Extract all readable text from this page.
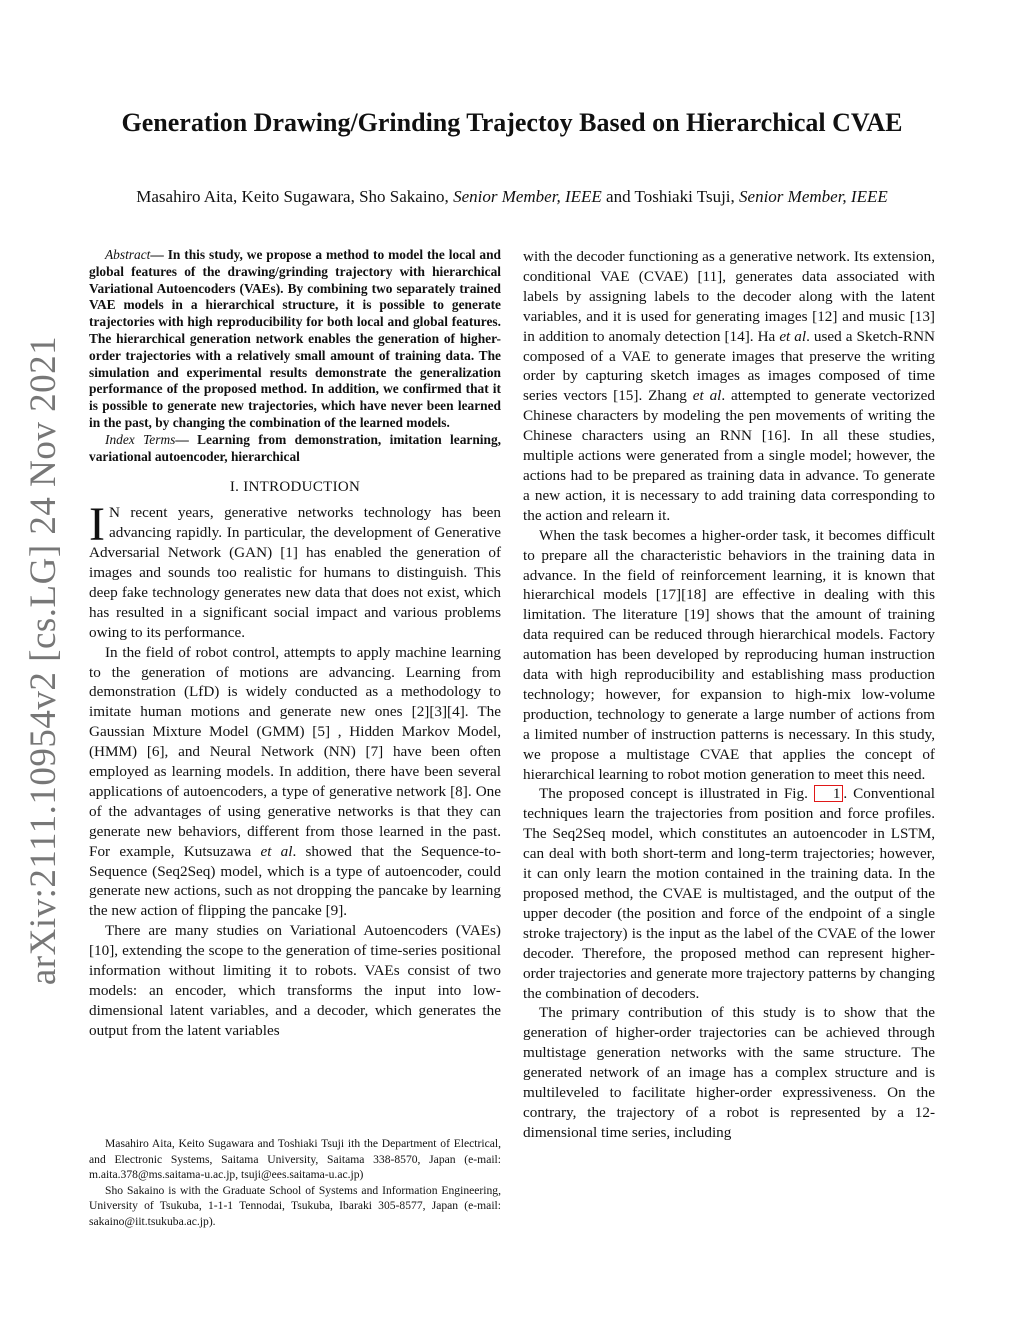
arXiv:2111.10954v2 [cs.LG] 24 Nov 2021
Generation Drawing/Grinding Trajectoy Based on Hierarchical CVAE

Masahiro Aita, Keito Sugawara, Sho Sakaino, Senior Member, IEEE and Toshiaki Tsuji, Senior Member, IEEE

Abstract— In this study, we propose a method to model the local and global features of the drawing/grinding trajectory with hierarchical Variational Autoencoders (VAEs). By combining two separately trained VAE models in a hierarchical structure, it is possible to generate trajectories with high reproducibility for both local and global features. The hierarchical generation network enables the generation of higher-order trajectories with a relatively small amount of training data. The simulation and experimental results demonstrate the generalization performance of the proposed method. In addition, we confirmed that it is possible to generate new trajectories, which have never been learned in the past, by changing the combination of the learned models.

Index Terms— Learning from demonstration, imitation learning, variational autoencoder, hierarchical

I. INTRODUCTION

I N recent years, generative networks technology has been advancing rapidly. In particular, the development of Generative Adversarial Network (GAN) [1] has enabled the generation of images and sounds too realistic for humans to distinguish. This deep fake technology generates new data that does not exist, which has resulted in a significant social impact and various problems owing to its performance.

In the field of robot control, attempts to apply machine learning to the generation of motions are advancing. Learning from demonstration (LfD) is widely conducted as a methodology to imitate human motions and generate new ones [2][3][4]. The Gaussian Mixture Model (GMM) [5] , Hidden Markov Model, (HMM) [6], and Neural Network (NN) [7] have been often employed as learning models. In addition, there have been several applications of autoencoders, a type of generative network [8]. One of the advantages of using generative networks is that they can generate new behaviors, different from those learned in the past. For example, Kutsuzawa et al. showed that the Sequence-to-Sequence (Seq2Seq) model, which is a type of autoencoder, could generate new actions, such as not dropping the pancake by learning the new action of flipping the pancake [9].

There are many studies on Variational Autoencoders (VAEs) [10], extending the scope to the generation of time-series positional information without limiting it to robots. VAEs consist of two models: an encoder, which transforms the input into low-dimensional latent variables, and a decoder, which generates the output from the latent variables

Masahiro Aita, Keito Sugawara and Toshiaki Tsuji ith the Department of Electrical, and Electronic Systems, Saitama University, Saitama 338-8570, Japan (e-mail: m.aita.378@ms.saitama-u.ac.jp, tsuji@ees.saitama-u.ac.jp)

Sho Sakaino is with the Graduate School of Systems and Information Engineering, University of Tsukuba, 1-1-1 Tennodai, Tsukuba, Ibaraki 305-8577, Japan (e-mail: sakaino@iit.tsukuba.ac.jp).

with the decoder functioning as a generative network. Its extension, conditional VAE (CVAE) [11], generates data associated with labels by assigning labels to the decoder along with the latent variables, and it is used for generating images [12] and music [13] in addition to anomaly detection [14]. Ha et al. used a Sketch-RNN composed of a VAE to generate images that preserve the writing order by capturing sketch images as images composed of time series vectors [15]. Zhang et al. attempted to generate vectorized Chinese characters by modeling the pen movements of writing the Chinese characters using an RNN [16]. In all these studies, multiple actions were generated from a single model; however, the actions had to be prepared as training data in advance. To generate a new action, it is necessary to add training data corresponding to the action and relearn it.

When the task becomes a higher-order task, it becomes difficult to prepare all the characteristic behaviors in the training data in advance. In the field of reinforcement learning, it is known that hierarchical models [17][18] are effective in dealing with this limitation. The literature [19] shows that the amount of training data required can be reduced through hierarchical models. Factory automation has been developed by reproducing human instruction data with high reproducibility and establishing mass production technology; however, for expansion to high-mix low-volume production, technology to generate a large number of actions from a limited number of instruction patterns is necessary. In this study, we propose a multistage CVAE that applies the concept of hierarchical learning to robot motion generation to meet this need.

The proposed concept is illustrated in Fig. 1 . Conventional techniques learn the trajectories from position and force profiles. The Seq2Seq model, which constitutes an autoencoder in LSTM, can deal with both short-term and long-term trajectories; however, it can only learn the motion contained in the training data. In the proposed method, the CVAE is multistaged, and the output of the upper decoder (the position and force of the endpoint of a single stroke trajectory) is the input as the label of the CVAE of the lower decoder. Therefore, the proposed method can represent higher-order trajectories and generate more trajectory patterns by changing the combination of decoders.

The primary contribution of this study is to show that the generation of higher-order trajectories can be achieved through multistage generation networks with the same structure. The generated network of an image has a complex structure and is multileveled to facilitate higher-order expressiveness. On the contrary, the trajectory of a robot is represented by a 12-dimensional time series, including
